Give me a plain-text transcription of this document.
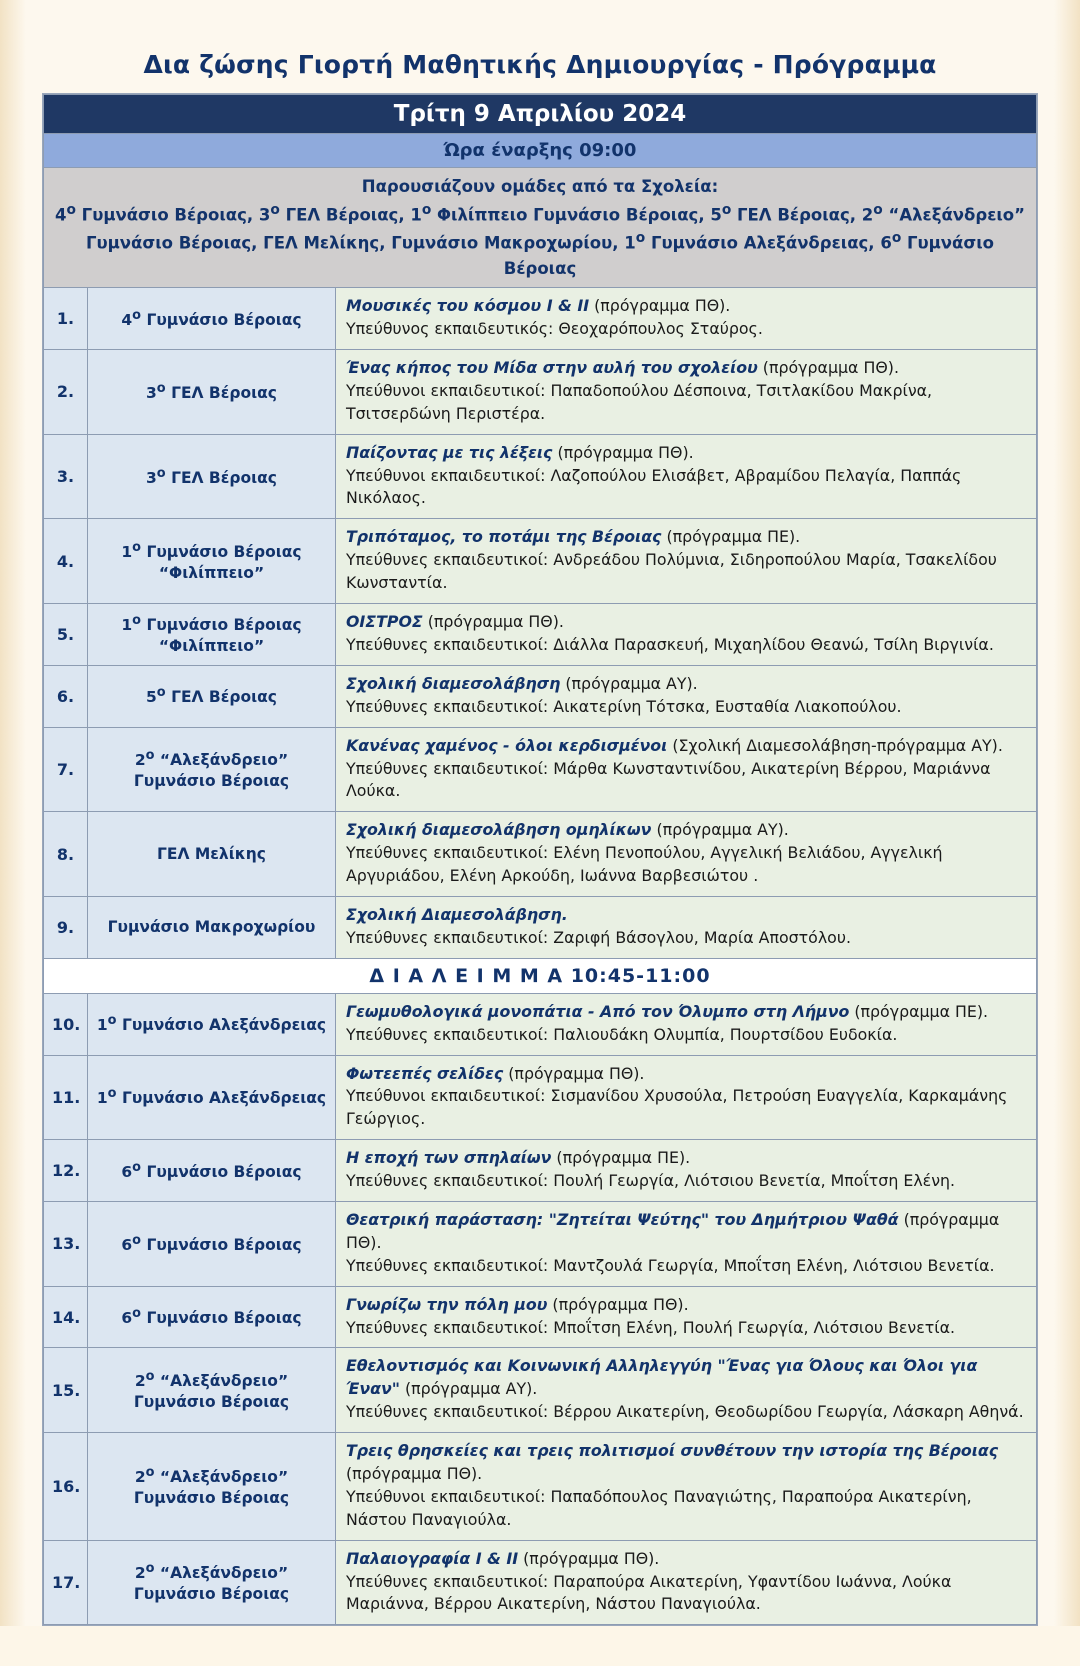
Δια ζώσης Γιορτή Μαθητικής Δημιουργίας - Πρόγραμμα
Τρίτη 9 Απριλίου 2024		
Ώρα έναρξης 09:00		

Παρουσιάζουν ομάδες από τα Σχολεία:
$4^o$ Γυμνάσιο Βέροιας, $3^o$ ΓΕΛ Βέροιας, $1^o$ Φιλίππειο Γυμνάσιο Βέροιας, $5^o$ ΓΕΛ Βέροιας, $2^o$ “Αλεξάνδρειο” Γυμνάσιο Βέροιας, ΓΕΛ Μελίκης, Γυμνάσιο Μακροχωρίου, $1^o$ Γυμνάσιο Αλεξάνδρειας, $6^o$ Γυμνάσιο Βέροιας		

1.	$4^o$ Γυμνάσιο Βέροιας	Μουσικές του κόσμου Ι & ΙΙ (πρόγραμμα ΠΘ).
Υπεύθυνος εκπαιδευτικός: Θεοχαρόπουλος Σταύρος.

2.	$3^o$ ΓΕΛ Βέροιας	Ένας κήπος του Μίδα στην αυλή του σχολείου (πρόγραμμα ΠΘ).
Υπεύθυνοι εκπαιδευτικοί: Παπαδοπούλου Δέσποινα, Τσιτλακίδου Μακρίνα, Τσιτσερδώνη Περιστέρα.

3.	$3^o$ ΓΕΛ Βέροιας	Παίζοντας με τις λέξεις (πρόγραμμα ΠΘ).
Υπεύθυνοι εκπαιδευτικοί: Λαζοπούλου Ελισάβετ, Αβραμίδου Πελαγία, Παππάς Νικόλαος.

4.	$1^o$ Γυμνάσιο Βέροιας “Φιλίππειο”	Τριπόταμος, το ποτάμι της Βέροιας (πρόγραμμα ΠΕ).
Υπεύθυνες εκπαιδευτικοί: Ανδρεάδου Πολύμνια, Σιδηροπούλου Μαρία, Τσακελίδου Κωνσταντία.

5.	$1^o$ Γυμνάσιο Βέροιας “Φιλίππειο”	ΟΙΣΤΡΟΣ (πρόγραμμα ΠΘ).
Υπεύθυνες εκπαιδευτικοί: Διάλλα Παρασκευή, Μιχαηλίδου Θεανώ, Τσίλη Βιργινία.

6.	$5^o$ ΓΕΛ Βέροιας	Σχολική διαμεσολάβηση (πρόγραμμα ΑΥ).
Υπεύθυνες εκπαιδευτικοί: Αικατερίνη Τότσκα, Ευσταθία Λιακοπούλου.

7.	$2^o$ “Αλεξάνδρειο” Γυμνάσιο Βέροιας	Κανένας χαμένος - όλοι κερδισμένοι (Σχολική Διαμεσολάβηση-πρόγραμμα ΑΥ).
Υπεύθυνες εκπαιδευτικοί: Μάρθα Κωνσταντινίδου, Αικατερίνη Βέρρου, Μαριάννα Λούκα.

8.	ΓΕΛ Μελίκης	Σχολική διαμεσολάβηση ομηλίκων (πρόγραμμα ΑΥ).
Υπεύθυνες εκπαιδευτικοί: Ελένη Πενοπούλου, Αγγελική Βελιάδου, Αγγελική Αργυριάδου, Ελένη Αρκούδη, Ιωάννα Βαρβεσιώτου .

9.	Γυμνάσιο Μακροχωρίου	Σχολική Διαμεσολάβηση.
Υπεύθυνες εκπαιδευτικοί: Ζαριφή Βάσογλου, Μαρία Αποστόλου.

Δ Ι Α Λ Ε Ι Μ Μ Α 10:45-11:00		
10.	$1^o$ Γυμνάσιο Αλεξάνδρειας	Γεωμυθολογικά μονοπάτια - Από τον Όλυμπο στη Λήμνο (πρόγραμμα ΠΕ).
Υπεύθυνες εκπαιδευτικοί: Παλιουδάκη Ολυμπία, Πουρτσίδου Ευδοκία.

11.	$1^o$ Γυμνάσιο Αλεξάνδρειας	Φωτεεπές σελίδες (πρόγραμμα ΠΘ).
Υπεύθυνοι εκπαιδευτικοί: Σισμανίδου Χρυσούλα, Πετρούση Ευαγγελία, Καρκαμάνης Γεώργιος.

12.	$6^o$ Γυμνάσιο Βέροιας	Η εποχή των σπηλαίων (πρόγραμμα ΠΕ).
Υπεύθυνες εκπαιδευτικοί: Πουλή Γεωργία, Λιότσιου Βενετία, Μποΐτση Ελένη.

13.	$6^o$ Γυμνάσιο Βέροιας	Θεατρική παράσταση: "Ζητείται Ψεύτης" του Δημήτριου Ψαθά (πρόγραμμα ΠΘ).
Υπεύθυνες εκπαιδευτικοί: Μαντζουλά Γεωργία, Μποΐτση Ελένη, Λιότσιου Βενετία.

14.	$6^o$ Γυμνάσιο Βέροιας	Γνωρίζω την πόλη μου (πρόγραμμα ΠΘ).
Υπεύθυνες εκπαιδευτικοί: Μποΐτση Ελένη, Πουλή Γεωργία, Λιότσιου Βενετία.

15.	$2^o$ “Αλεξάνδρειο” Γυμνάσιο Βέροιας	Εθελοντισμός και Κοινωνική Αλληλεγγύη "Ένας για Όλους και Όλοι για Έναν" (πρόγραμμα ΑΥ).
Υπεύθυνες εκπαιδευτικοί: Βέρρου Αικατερίνη, Θεοδωρίδου Γεωργία, Λάσκαρη Αθηνά.

16.	$2^o$ “Αλεξάνδρειο” Γυμνάσιο Βέροιας	Τρεις θρησκείες και τρεις πολιτισμοί συνθέτουν την ιστορία της Βέροιας (πρόγραμμα ΠΘ).
Υπεύθυνοι εκπαιδευτικοί: Παπαδόπουλος Παναγιώτης, Παραπούρα Αικατερίνη, Νάστου Παναγιούλα.

17.	$2^o$ “Αλεξάνδρειο” Γυμνάσιο Βέροιας	Παλαιογραφία Ι & ΙΙ (πρόγραμμα ΠΘ).
Υπεύθυνες εκπαιδευτικοί: Παραπούρα Αικατερίνη, Υφαντίδου Ιωάννα, Λούκα Μαριάννα, Βέρρου Αικατερίνη, Νάστου Παναγιούλα.
